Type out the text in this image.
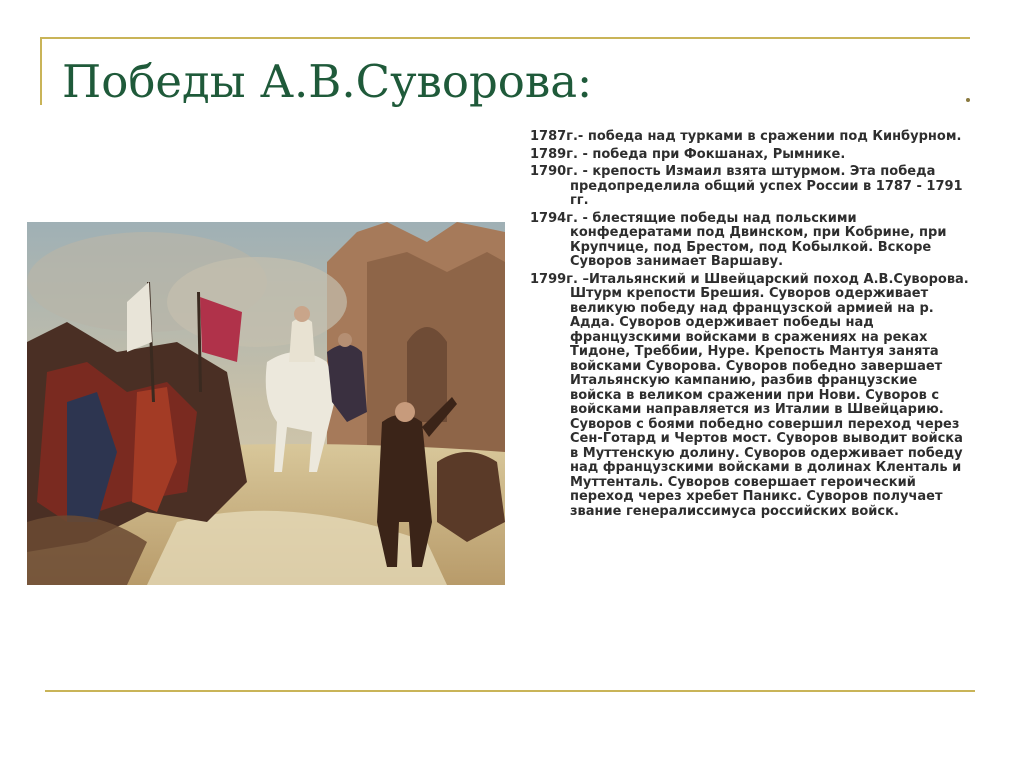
Победы А.В.Суворова:
1787г.- победа над турками в сражении под Кинбурном.
1789г. - победа при Фокшанах, Рымнике.
1790г. - крепость Измаил взята штурмом. Эта победа предопределила общий успех России в 1787 - 1791 гг.
1794г. - блестящие победы над польскими конфедератами под Двинском, при Кобрине, при Крупчице, под Брестом, под Кобылкой. Вскоре Суворов занимает Варшаву.
1799г. –Итальянский и Швейцарский поход А.В.Суворова. Штурм крепости Брешия. Суворов одерживает великую победу над французской армией на р. Адда. Суворов одерживает победы над французскими войсками в сражениях на реках Тидоне, Треббии, Нуре. Крепость Мантуя занята войсками Суворова. Суворов победно завершает Итальянскую кампанию, разбив французские войска в великом сражении при Нови. Суворов с войсками направляется из Италии в Швейцарию. Суворов с боями победно совершил переход через Сен-Готард и Чертов мост. Суворов выводит войска в Муттенскую долину. Суворов одерживает победу над французскими войсками в долинах Клентaль и Муттенталь. Суворов совершает героический переход через хребет Паникс. Суворов получает звание генералиссимуса российских войск.
